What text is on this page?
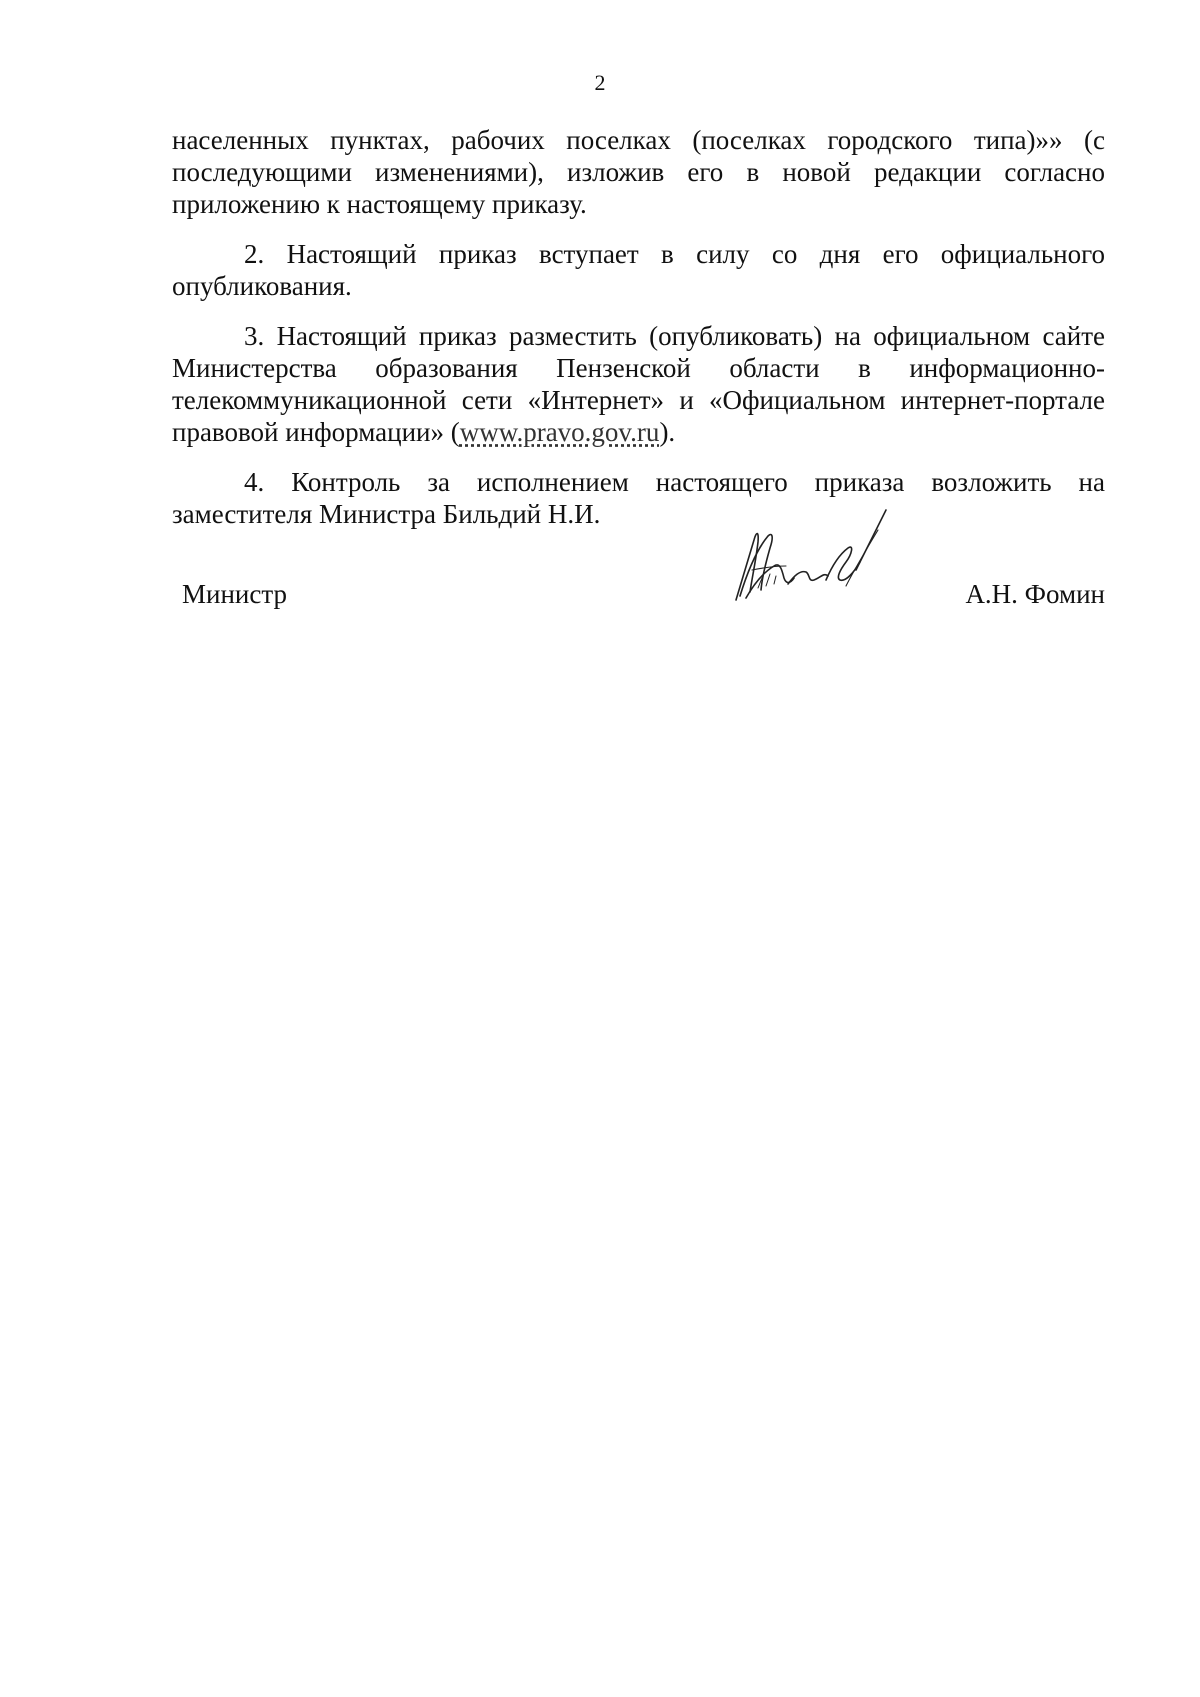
2

населенных пунктах, рабочих поселках (поселках городского типа)»» (с последующими изменениями), изложив его в новой редакции согласно приложению к настоящему приказу.

2. Настоящий приказ вступает в силу со дня его официального опубликования.

3. Настоящий приказ разместить (опубликовать) на официальном сайте Министерства образования Пензенской области в информационно-телекоммуникационной сети «Интернет» и «Официальном интернет-портале правовой информации» (www.pravo.gov.ru).

4. Контроль за исполнением настоящего приказа возложить на заместителя Министра Бильдий Н.И.

Министр	А.Н. Фомин
